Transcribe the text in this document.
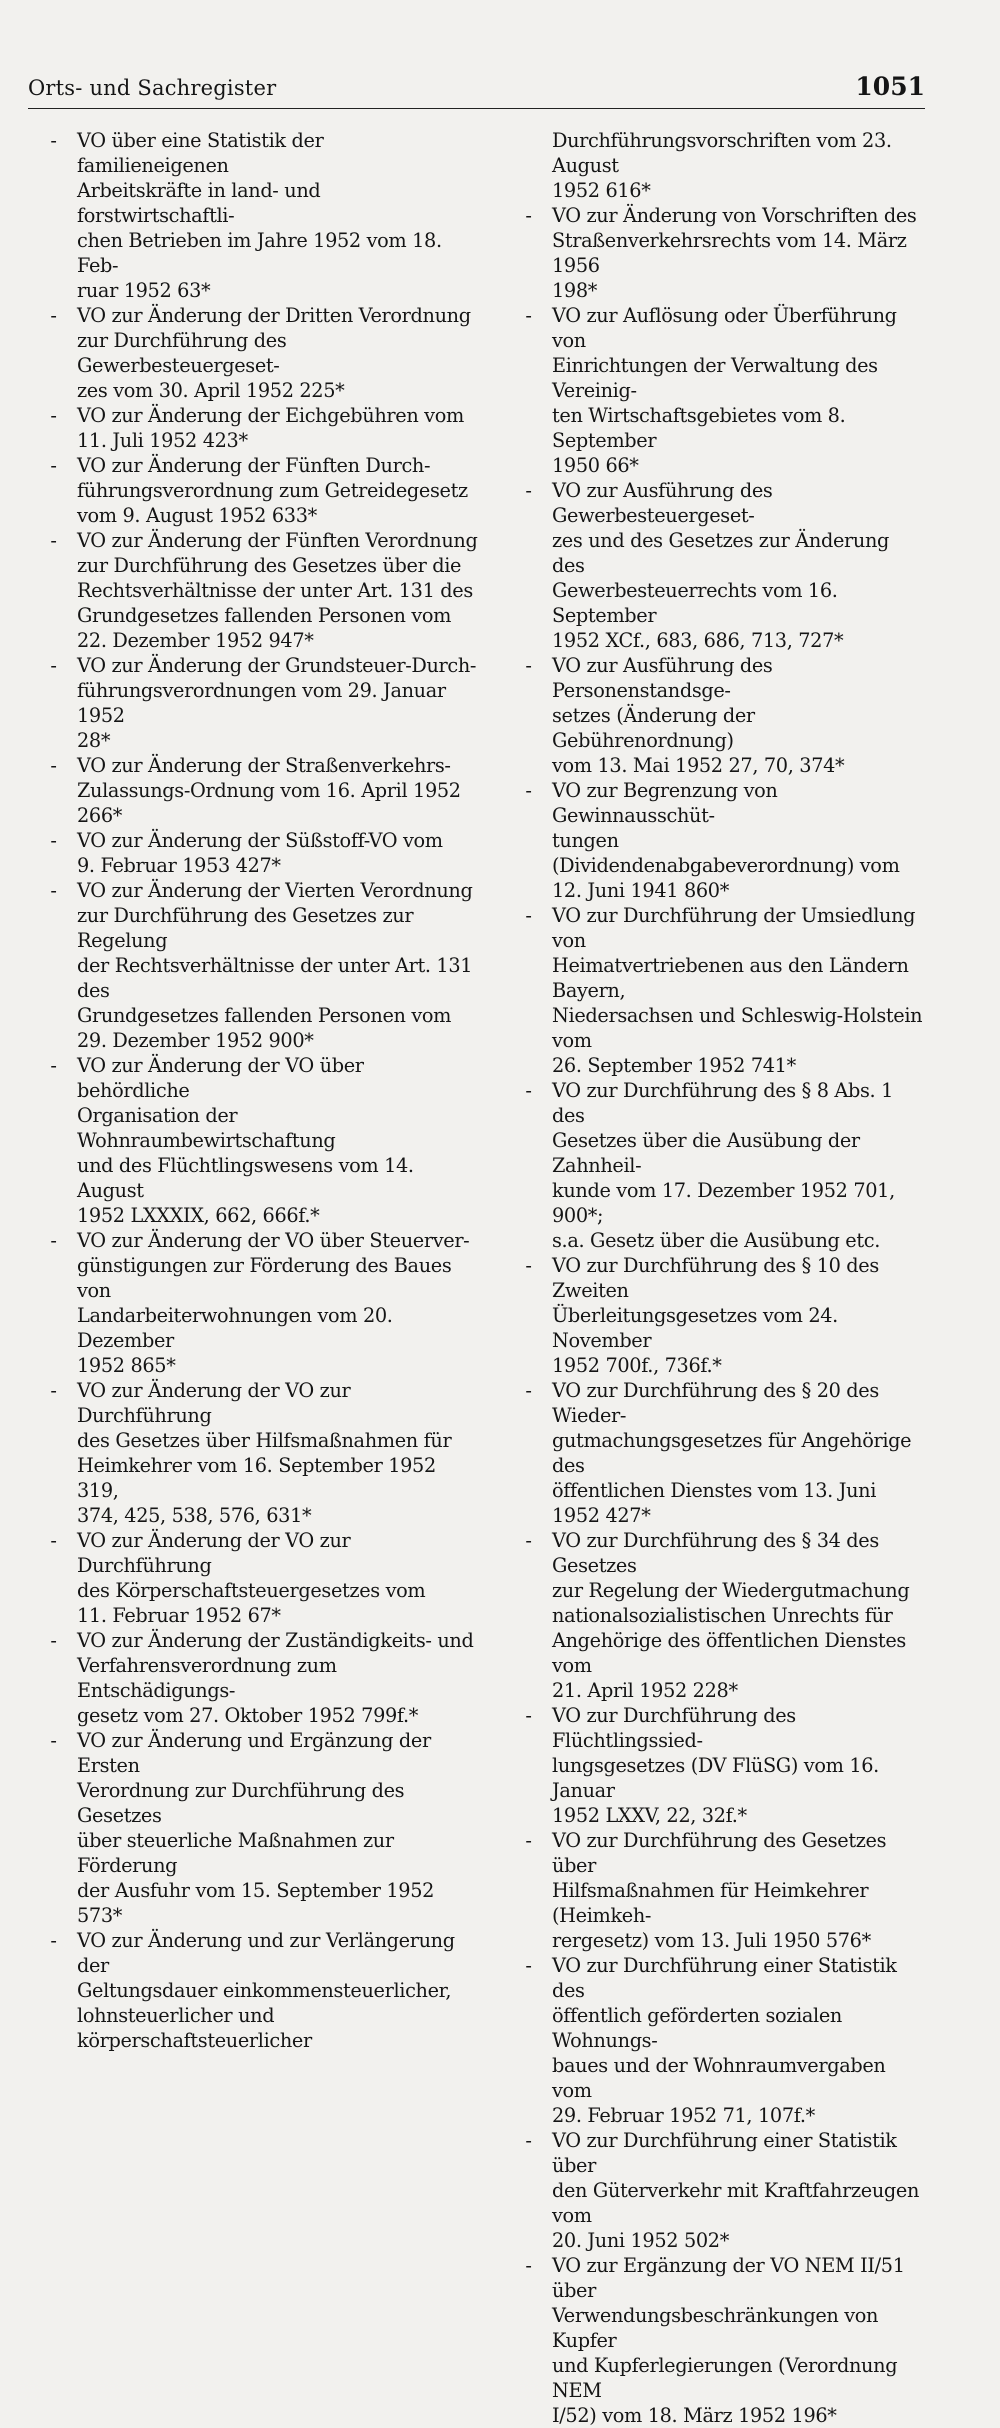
Orts- und Sachregister	1051
-	VO über eine Statistik der familieneigenen
Arbeitskräfte in land- und forstwirtschaftli-
chen Betrieben im Jahre 1952 vom 18. Feb-
ruar 1952 63*
-	VO zur Änderung der Dritten Verordnung
zur Durchführung des Gewerbesteuergeset-
zes vom 30. April 1952 225*
-	VO zur Änderung der Eichgebühren vom
11. Juli 1952 423*
-	VO zur Änderung der Fünften Durch-
führungsverordnung zum Getreidegesetz
vom 9. August 1952 633*
-	VO zur Änderung der Fünften Verordnung
zur Durchführung des Gesetzes über die
Rechtsverhältnisse der unter Art. 131 des
Grundgesetzes fallenden Personen vom
22. Dezember 1952 947*
-	VO zur Änderung der Grundsteuer-Durch-
führungsverordnungen vom 29. Januar 1952
28*
-	VO zur Änderung der Straßenverkehrs-
Zulassungs-Ordnung vom 16. April 1952
266*
-	VO zur Änderung der Süßstoff-VO vom
9. Februar 1953 427*
-	VO zur Änderung der Vierten Verordnung
zur Durchführung des Gesetzes zur Regelung
der Rechtsverhältnisse der unter Art. 131 des
Grundgesetzes fallenden Personen vom
29. Dezember 1952 900*
-	VO zur Änderung der VO über behördliche
Organisation der Wohnraumbewirtschaftung
und des Flüchtlingswesens vom 14. August
1952 LXXXIX, 662, 666f.*
-	VO zur Änderung der VO über Steuerver-
günstigungen zur Förderung des Baues von
Landarbeiterwohnungen vom 20. Dezember
1952 865*
-	VO zur Änderung der VO zur Durchführung
des Gesetzes über Hilfsmaßnahmen für
Heimkehrer vom 16. September 1952 319,
374, 425, 538, 576, 631*
-	VO zur Änderung der VO zur Durchführung
des Körperschaftsteuergesetzes vom
11. Februar 1952 67*
-	VO zur Änderung der Zuständigkeits- und
Verfahrensverordnung zum Entschädigungs-
gesetz vom 27. Oktober 1952 799f.*
-	VO zur Änderung und Ergänzung der Ersten
Verordnung zur Durchführung des Gesetzes
über steuerliche Maßnahmen zur Förderung
der Ausfuhr vom 15. September 1952 573*
-	VO zur Änderung und zur Verlängerung der
Geltungsdauer einkommensteuerlicher,
lohnsteuerlicher und körperschaftsteuerlicher
Durchführungsvorschriften vom 23. August
1952 616*
-	VO zur Änderung von Vorschriften des
Straßenverkehrsrechts vom 14. März 1956
198*
-	VO zur Auflösung oder Überführung von
Einrichtungen der Verwaltung des Vereinig-
ten Wirtschaftsgebietes vom 8. September
1950 66*
-	VO zur Ausführung des Gewerbesteuergeset-
zes und des Gesetzes zur Änderung des
Gewerbesteuerrechts vom 16. September
1952 XCf., 683, 686, 713, 727*
-	VO zur Ausführung des Personenstandsge-
setzes (Änderung der Gebührenordnung)
vom 13. Mai 1952 27, 70, 374*
-	VO zur Begrenzung von Gewinnausschüt-
tungen (Dividendenabgabeverordnung) vom
12. Juni 1941 860*
-	VO zur Durchführung der Umsiedlung von
Heimatvertriebenen aus den Ländern Bayern,
Niedersachsen und Schleswig-Holstein vom
26. September 1952 741*
-	VO zur Durchführung des § 8 Abs. 1 des
Gesetzes über die Ausübung der Zahnheil-
kunde vom 17. Dezember 1952 701, 900*;
s.a. Gesetz über die Ausübung etc.
-	VO zur Durchführung des § 10 des Zweiten
Überleitungsgesetzes vom 24. November
1952 700f., 736f.*
-	VO zur Durchführung des § 20 des Wieder-
gutmachungsgesetzes für Angehörige des
öffentlichen Dienstes vom 13. Juni 1952 427*
-	VO zur Durchführung des § 34 des Gesetzes
zur Regelung der Wiedergutmachung
nationalsozialistischen Unrechts für
Angehörige des öffentlichen Dienstes vom
21. April 1952 228*
-	VO zur Durchführung des Flüchtlingssied-
lungsgesetzes (DV FlüSG) vom 16. Januar
1952 LXXV, 22, 32f.*
-	VO zur Durchführung des Gesetzes über
Hilfsmaßnahmen für Heimkehrer (Heimkeh-
rergesetz) vom 13. Juli 1950 576*
-	VO zur Durchführung einer Statistik des
öffentlich geförderten sozialen Wohnungs-
baues und der Wohnraumvergaben vom
29. Februar 1952 71, 107f.*
-	VO zur Durchführung einer Statistik über
den Güterverkehr mit Kraftfahrzeugen vom
20. Juni 1952 502*
-	VO zur Ergänzung der VO NEM II/51 über
Verwendungsbeschränkungen von Kupfer
und Kupferlegierungen (Verordnung NEM
I/52) vom 18. März 1952 196*
